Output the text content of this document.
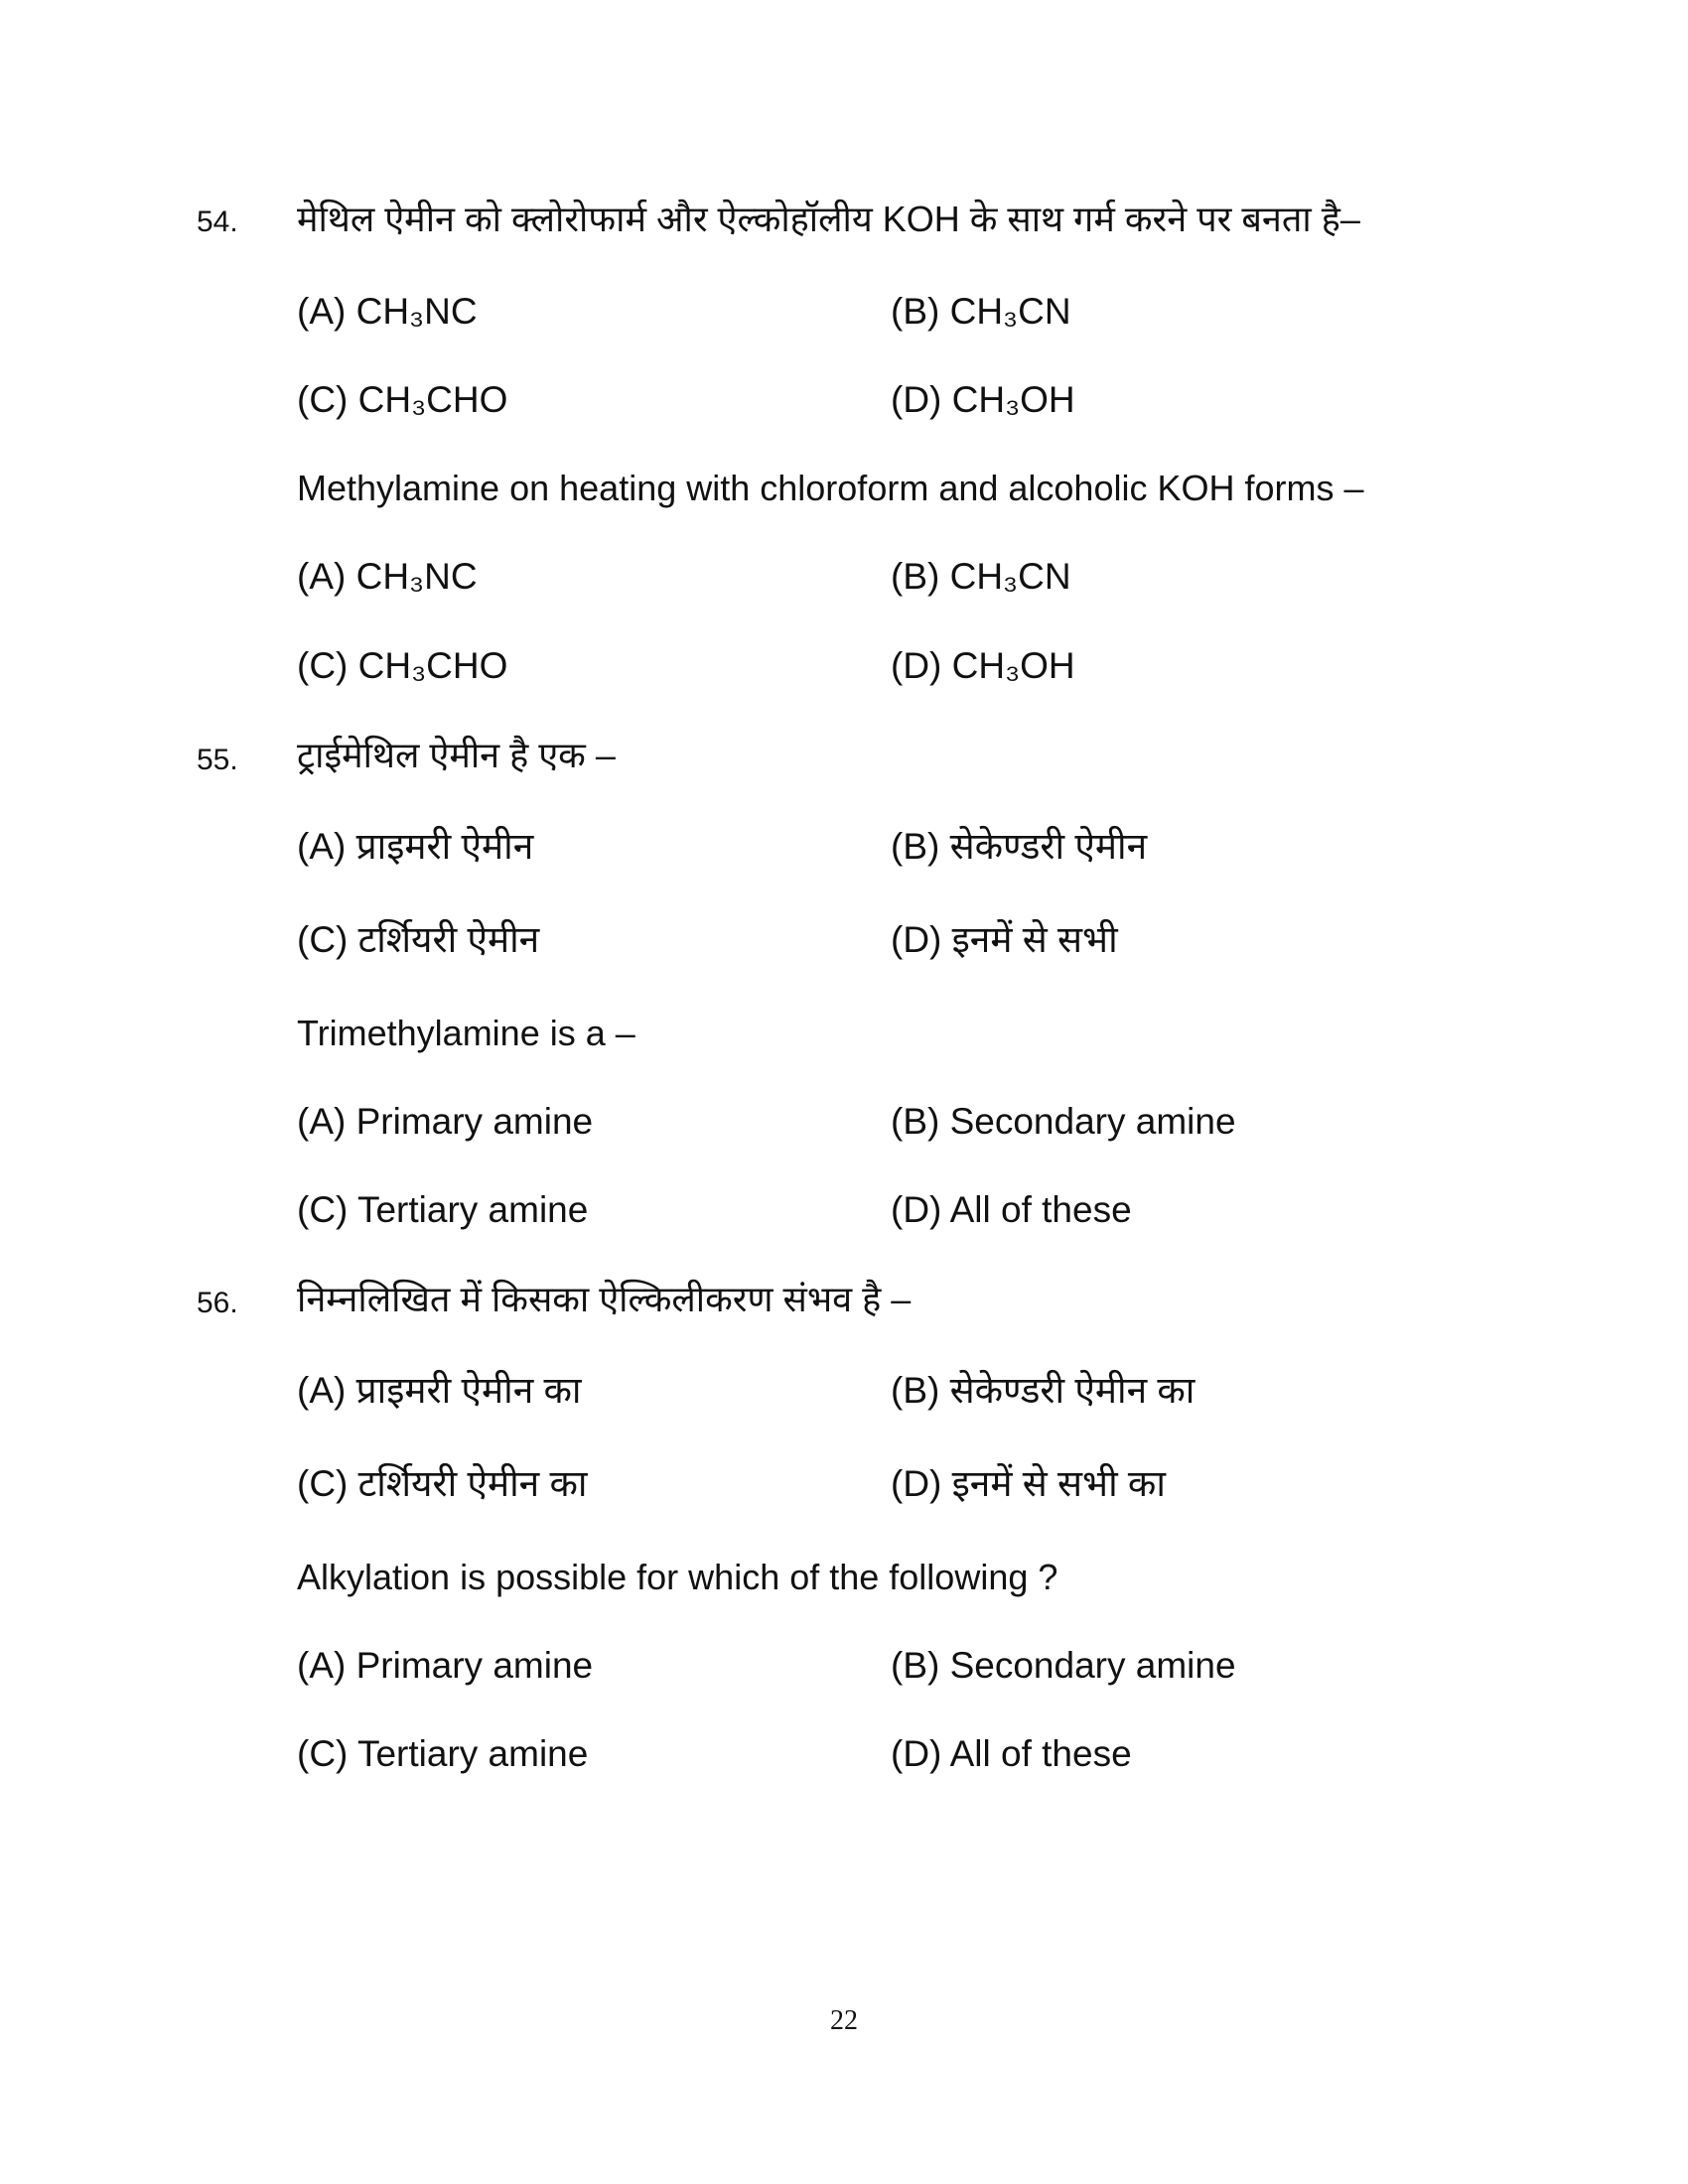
54. मेथिल ऐमीन को क्लोरोफार्म और ऐल्कोहॉलीय KOH के साथ गर्म करने पर बनता है–
(A) CH₃NC	(B) CH₃CN
(C) CH₃CHO	(D) CH₃OH
Methylamine on heating with chloroform and alcoholic KOH forms –
(A) CH₃NC	(B) CH₃CN
(C) CH₃CHO	(D) CH₃OH
55. ट्राईमेथिल ऐमीन है एक –
(A) प्राइमरी ऐमीन	(B) सेकेण्डरी ऐमीन
(C) टर्शियरी ऐमीन	(D) इनमें से सभी
Trimethylamine is a –
(A) Primary amine	(B) Secondary amine
(C) Tertiary amine	(D) All of these
56. निम्नलिखित में किसका ऐल्किलीकरण संभव है –
(A) प्राइमरी ऐमीन का	(B) सेकेण्डरी ऐमीन का
(C) टर्शियरी ऐमीन का	(D) इनमें से सभी का
Alkylation is possible for which of the following ?
(A) Primary amine	(B) Secondary amine
(C) Tertiary amine	(D) All of these
22
